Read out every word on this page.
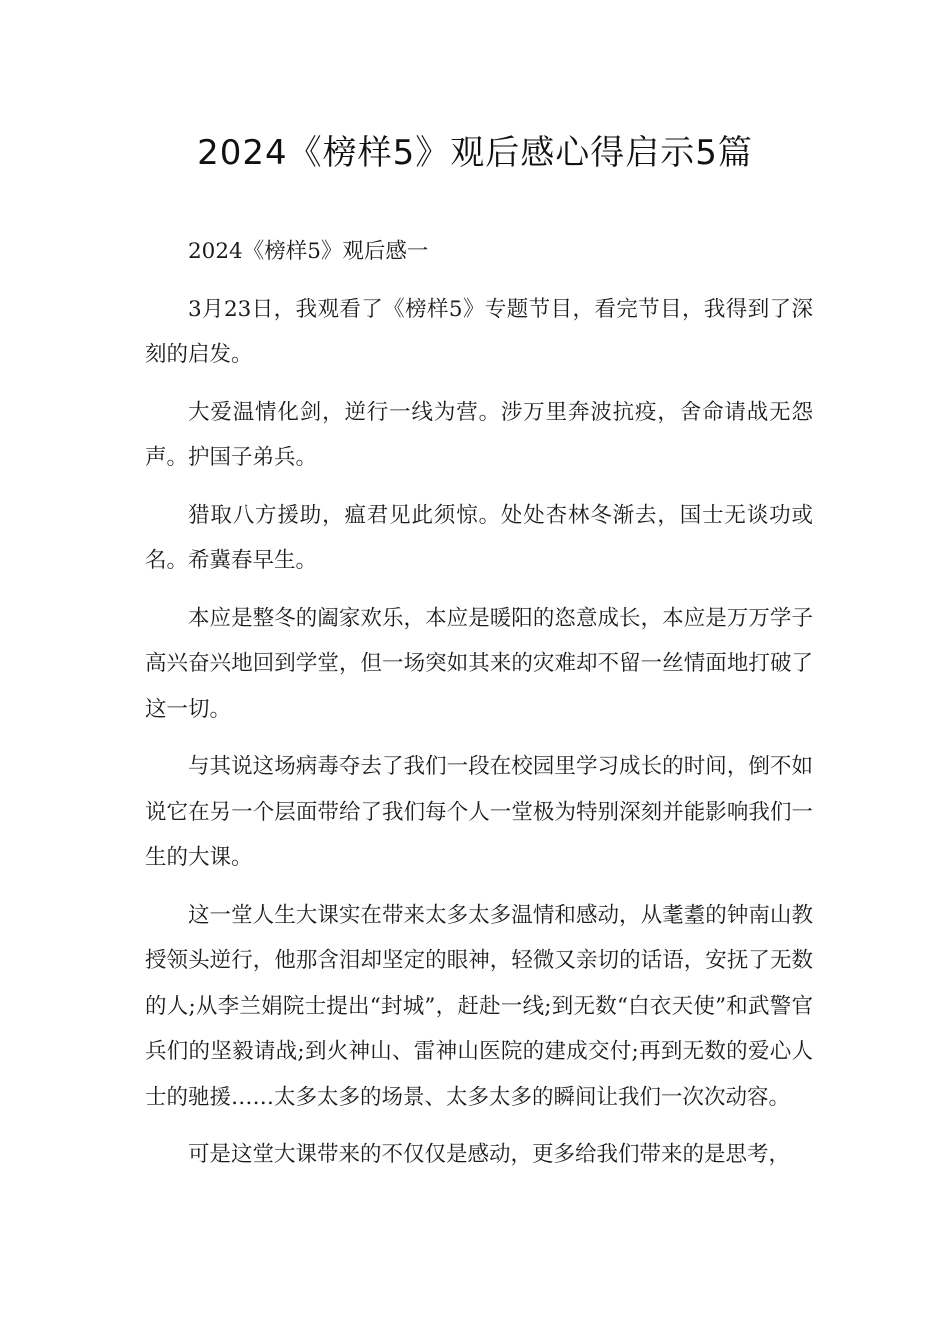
2024《榜样5》观后感心得启示5篇

2024《榜样5》观后感一

3月23日，我观看了《榜样5》专题节目，看完节目，我得到了深刻的启发。

大爱温情化剑，逆行一线为营。涉万里奔波抗疫，舍命请战无怨声。护国子弟兵。

猎取八方援助，瘟君见此须惊。处处杏林冬渐去，国士无谈功或名。希冀春早生。

本应是整冬的阖家欢乐，本应是暖阳的恣意成长，本应是万万学子高兴奋兴地回到学堂，但一场突如其来的灾难却不留一丝情面地打破了这一切。

与其说这场病毒夺去了我们一段在校园里学习成长的时间，倒不如说它在另一个层面带给了我们每个人一堂极为特别深刻并能影响我们一生的大课。

这一堂人生大课实在带来太多太多温情和感动，从耄耋的钟南山教授领头逆行，他那含泪却坚定的眼神，轻微又亲切的话语，安抚了无数的人;从李兰娟院士提出“封城”，赶赴一线;到无数“白衣天使”和武警官兵们的坚毅请战;到火神山、雷神山医院的建成交付;再到无数的爱心人士的驰援……太多太多的场景、太多太多的瞬间让我们一次次动容。

可是这堂大课带来的不仅仅是感动，更多给我们带来的是思考，
